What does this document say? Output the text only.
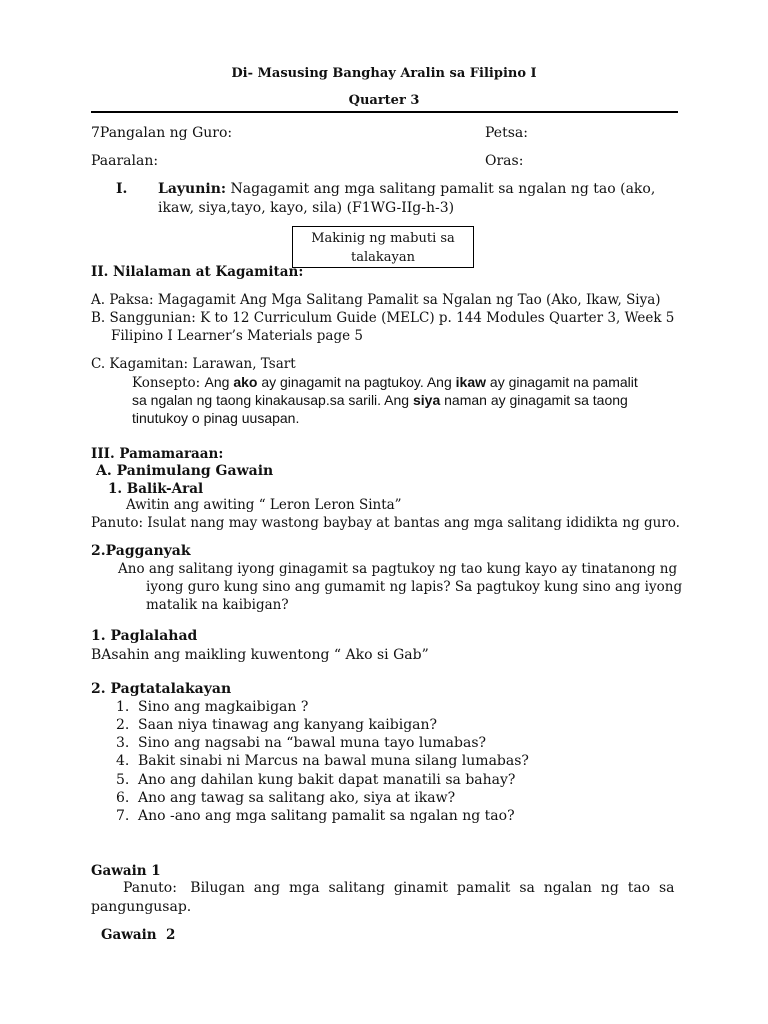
Di- Masusing Banghay Aralin sa Filipino I
Quarter 3
7Pangalan ng Guro:	Petsa:
Paaralan:	Oras:
I. Layunin: Nagagamit ang mga salitang pamalit sa ngalan ng tao (ako,
ikaw, siya,tayo, kayo, sila) (F1WG-IIg-h-3)
Makinig ng mabuti sa
talakayan
II. Nilalaman at Kagamitan:
A. Paksa: Magagamit Ang Mga Salitang Pamalit sa Ngalan ng Tao (Ako, Ikaw, Siya)
B. Sanggunian: K to 12 Curriculum Guide (MELC) p. 144 Modules Quarter 3, Week 5
Filipino I Learner’s Materials page 5
C. Kagamitan: Larawan, Tsart
Konsepto: Ang ako ay ginagamit na pagtukoy. Ang ikaw ay ginagamit na pamalit
sa ngalan ng taong kinakausap.sa sarili. Ang siya naman ay ginagamit sa taong
tinutukoy o pinag uusapan.
III. Pamamaraan:
A. Panimulang Gawain
1. Balik-Aral
Awitin ang awiting “ Leron Leron Sinta”
Panuto: Isulat nang may wastong baybay at bantas ang mga salitang ididikta ng guro.
2.Pagganyak
Ano ang salitang iyong ginagamit sa pagtukoy ng tao kung kayo ay tinatanong ng
iyong guro kung sino ang gumamit ng lapis? Sa pagtukoy kung sino ang iyong
matalik na kaibigan?
1. Paglalahad
BAsahin ang maikling kuwentong “ Ako si Gab”
2. Pagtatalakayan
1. Sino ang magkaibigan ?
2. Saan niya tinawag ang kanyang kaibigan?
3. Sino ang nagsabi na “bawal muna tayo lumabas?
4. Bakit sinabi ni Marcus na bawal muna silang lumabas?
5. Ano ang dahilan kung bakit dapat manatili sa bahay?
6. Ano ang tawag sa salitang ako, siya at ikaw?
7. Ano -ano ang mga salitang pamalit sa ngalan ng tao?
Gawain 1
Panuto:   Bilugan  ang  mga  salitang  ginamit  pamalit  sa  ngalan  ng  tao  sa
pangungusap.
Gawain  2
